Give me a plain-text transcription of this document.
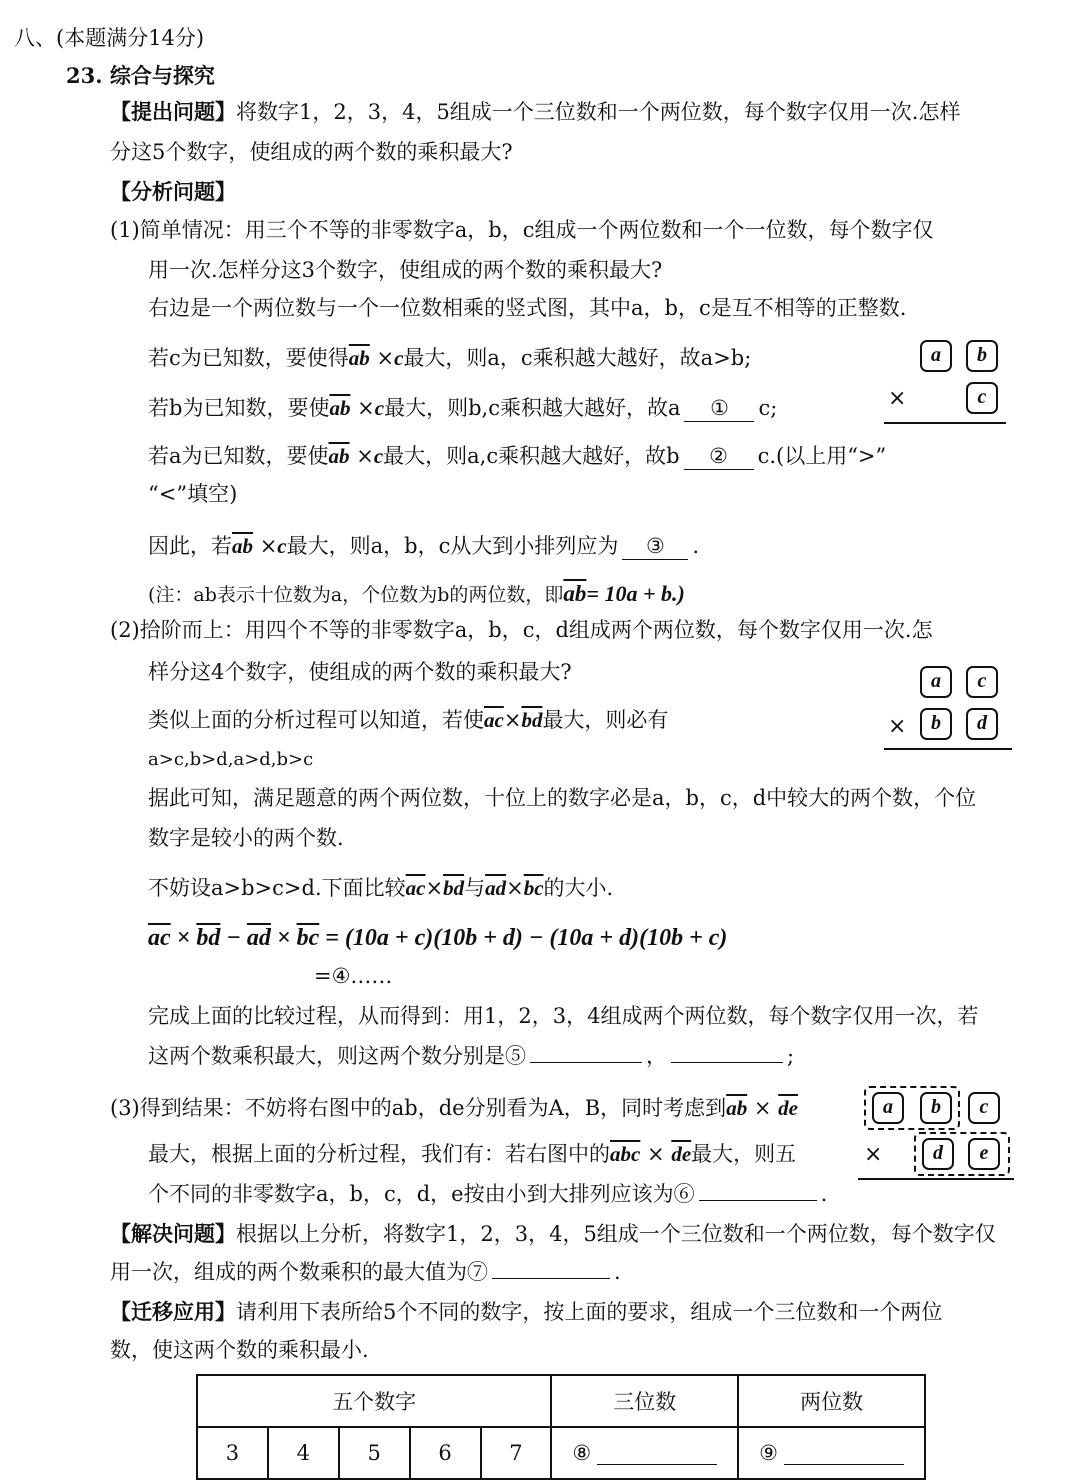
八、(本题满分14分)
23. 综合与探究
【提出问题】将数字1，2，3，4，5组成一个三位数和一个两位数，每个数字仅用一次.怎样
分这5个数字，使组成的两个数的乘积最大?
【分析问题】
(1)简单情况：用三个不等的非零数字a，b，c组成一个两位数和一个一位数，每个数字仅
用一次.怎样分这3个数字，使组成的两个数的乘积最大?
右边是一个两位数与一个一位数相乘的竖式图，其中a，b，c是互不相等的正整数.
若c为已知数，要使得$\overline{ab} \times c$最大，则a，c乘积越大越好，故a>b;
若b为已知数，要使$\overline{ab} \times c$最大，则b,c乘积越大越好，故a ① c;
若a为已知数，要使$\overline{ab} \times c$最大，则a,c乘积越大越好，故b ② c.(以上用“>”
“<”填空)
因此，若$\overline{ab} \times c$最大，则a，b，c从大到小排列应为 ③ .
(注：ab表示十位数为a，个位数为b的两位数，即$\overline{ab}= 10a + b$.)
a	b
×	c
(2)拾阶而上：用四个不等的非零数字a，b，c，d组成两个两位数，每个数字仅用一次.怎
样分这4个数字，使组成的两个数的乘积最大?
类似上面的分析过程可以知道，若使$\overline{ac}\times\overline{bd}$最大，则必有
a>c,b>d,a>d,b>c
据此可知，满足题意的两个两位数，十位上的数字必是a，b，c，d中较大的两个数，个位
数字是较小的两个数.
不妨设a>b>c>d.下面比较$\overline{ac}\times\overline{bd}$与$\overline{ad}\times\overline{bc}$的大小.
$\overline{ac} \times \overline{bd} - \overline{ad} \times \overline{bc} = (10a + c)(10b + d) - (10a + d)(10b + c)$
=④……
完成上面的比较过程，从而得到：用1，2，3，4组成两个两位数，每个数字仅用一次，若
这两个数乘积最大，则这两个数分别是⑤	，	;
a	c
×	b	d
(3)得到结果：不妨将右图中的ab，de分别看为A，B，同时考虑到$\overline{ab} \times \overline{de}$
最大，根据上面的分析过程，我们有：若右图中的$\overline{abc} \times \overline{de}$最大，则五
个不同的非零数字a，b，c，d，e按由小到大排列应该为⑥	.
a	b	c
×	d	e
【解决问题】根据以上分析，将数字1，2，3，4，5组成一个三位数和一个两位数，每个数字仅
用一次，组成的两个数乘积的最大值为⑦	.
【迁移应用】请利用下表所给5个不同的数字，按上面的要求，组成一个三位数和一个两位
数，使这两个数的乘积最小.
五个数字					三位数	两位数
3	4	5	6	7	⑧	⑨
